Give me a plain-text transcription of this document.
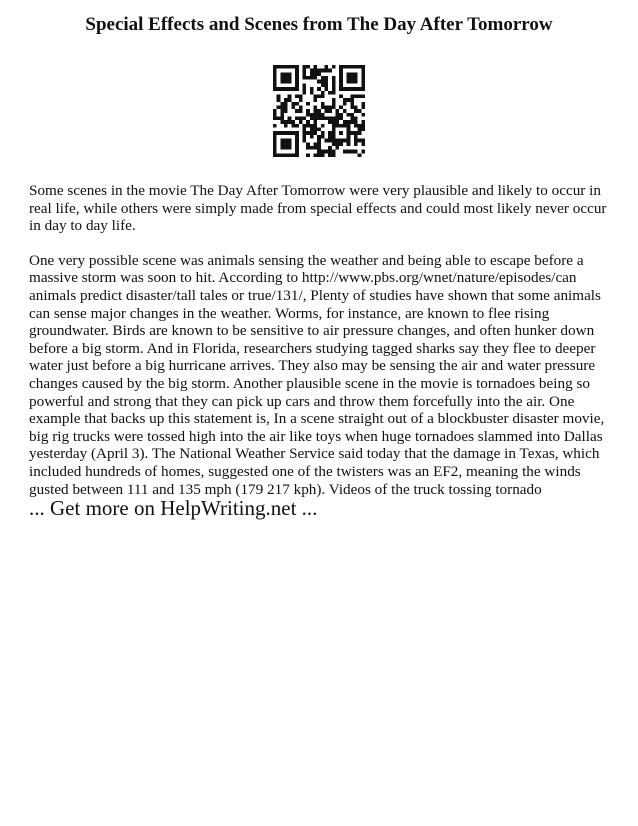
Special Effects and Scenes from The Day After Tomorrow

Some scenes in the movie The Day After Tomorrow were very plausible and likely to occur in real life, while others were simply made from special effects and could most likely never occur in day to day life.

One very possible scene was animals sensing the weather and being able to escape before a massive storm was soon to hit. According to http://www.pbs.org/wnet/nature/episodes/can animals predict disaster/tall tales or true/131/, Plenty of studies have shown that some animals can sense major changes in the weather. Worms, for instance, are known to flee rising groundwater. Birds are known to be sensitive to air pressure changes, and often hunker down before a big storm. And in Florida, researchers studying tagged sharks say they flee to deeper water just before a big hurricane arrives. They also may be sensing the air and water pressure changes caused by the big storm. Another plausible scene in the movie is tornadoes being so powerful and strong that they can pick up cars and throw them forcefully into the air. One example that backs up this statement is, In a scene straight out of a blockbuster disaster movie, big rig trucks were tossed high into the air like toys when huge tornadoes slammed into Dallas yesterday (April 3). The National Weather Service said today that the damage in Texas, which included hundreds of homes, suggested one of the twisters was an EF2, meaning the winds gusted between 111 and 135 mph (179 217 kph). Videos of the truck tossing tornado

... Get more on HelpWriting.net ...
